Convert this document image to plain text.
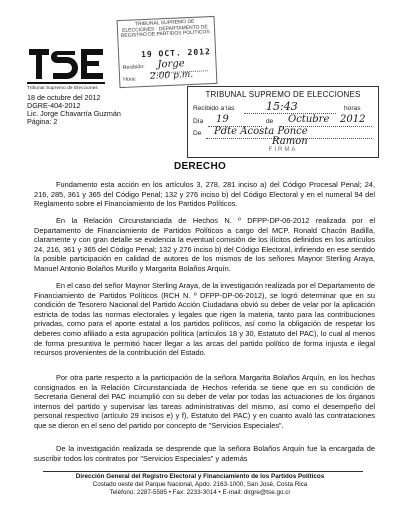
Tribunal Supremo de Elecciones
18 de octubre del 2012
DGRE-404-2012
Lic. Jorge Chavarría Guzmán
Página: 2
TRIBUNAL SUPREMO DE ELECCIONES · DEPARTAMENTO DE REGISTRO DE PARTIDOS POLÍTICOS
19 OCT. 2012
Recibido: Jorge
Hora: 2:00 p.m.
TRIBUNAL SUPREMO DE ELECCIONES
Recibido a las	15:43	horas
Día 19	de Octubre 2012
De Pdte Acosta Ponce
Ramon
FIRMA
DERECHO

Fundamento esta acción en los artículos 3, 278, 281 inciso a) del Código Procesal Penal; 24, 216, 285, 361 y 365 del Código Penal; 132 y 276 inciso b) del Código Electoral y en el numeral 94 del Reglamento sobre el Financiamiento de los Partidos Políticos.

En la Relación Circunstanciada de Hechos N. º DFPP-DP-06-2012 realizada por el Departamento de Financiamiento de Partidos Políticos a cargo del MCP. Ronald Chacón Badilla, claramente y con gran detalle se evidencia la eventual comisión de los ilícitos definidos en los artículos 24, 216, 361 y 365 del Código Penal; 132 y 276 inciso b) del Código Electoral, infiriendo en ese sentido la posible participación en calidad de autores de los mismos de los señores Maynor Sterling Araya, Manuel Antonio Bolaños Murillo y Margarita Bolaños Arquín.

En el caso del señor Maynor Sterling Araya, de la investigación realizada por el Departamento de Financiamiento de Partidos Políticos (RCH N. º DFPP-DP-06-2012), se logró determinar que en su condición de Tesorero Nacional del Partido Acción Ciudadana obvió su deber de velar por la aplicación estricta de todas las normas electorales y legales que rigen la materia, tanto para las contribuciones privadas, como para el aporte estatal a los partidos políticos, así como la obligación de respetar los deberes como afiliado a esta agrupación política (artículos 18 y 30, Estatuto del PAC), lo cual al menos de forma presuntiva le permitió hacer llegar a las arcas del partido político de forma injusta e ilegal recursos provenientes de la contribución del Estado.

Por otra parte respecto a la participación de la señora Margarita Bolaños Arquín, en los hechos consignados en la Relación Circunstanciada de Hechos referida se tiene que en su condición de Secretaria General del PAC incumplió con su deber de velar por todas las actuaciones de los órganos internos del partido y supervisar las tareas administrativas del mismo, así como el desempeño del personal respectivo (artículo 29 incisos e) y f), Estatuto del PAC) y en cuanto avaló las contrataciones que se dieron en el seno del partido por concepto de "Servicios Especiales".

De la investigación realizada se desprende que la señora Bolaños Arquín fue la encargada de suscribir todos los contratos por "Servicios Especiales" y además

Dirección General del Registro Electoral y Financiamiento de los Partidos Políticos
Costado oeste del Parque Nacional, Apdo. 2163-1000, San José, Costa Rica
Teléfono: 2287-5585 • Fax: 2233-3014 • E-mail: dirgre@tse.go.cr
